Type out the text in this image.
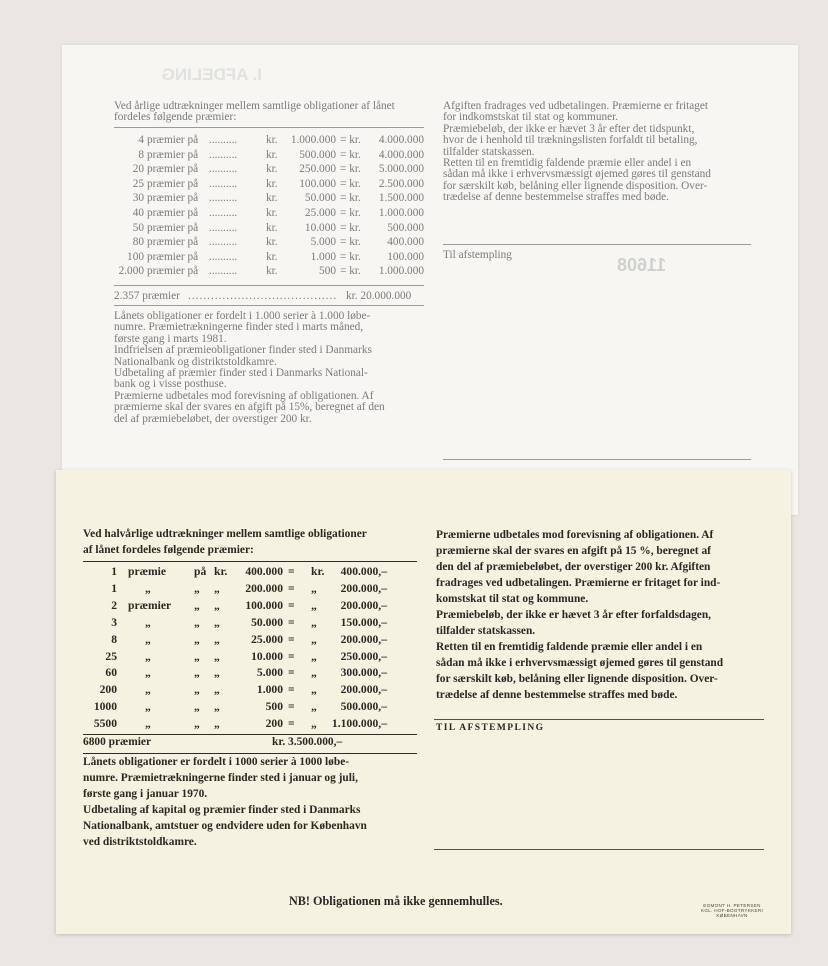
I. AFDELING
11608
Ved årlige udtrækninger mellem samtlige obligationer af lånet fordeles følgende præmier:
4 præmier på ..........	kr.	1.000.000 = kr.	4.000.000
8 præmier på ..........	kr.	500.000 = kr.	4.000.000
20 præmier på ..........	kr.	250.000 = kr.	5.000.000
25 præmier på ..........	kr.	100.000 = kr.	2.500.000
30 præmier på ..........	kr.	50.000 = kr.	1.500.000
40 præmier på ..........	kr.	25.000 = kr.	1.000.000
50 præmier på ..........	kr.	10.000 = kr.	500.000
80 præmier på ..........	kr.	5.000 = kr.	400.000
100 præmier på ..........	kr.	1.000 = kr.	100.000
2.000 præmier på ..........	kr.	500 = kr.	1.000.000
2.357 præmier ....................................... kr. 20.000.000
Lånets obligationer er fordelt i 1.000 serier à 1.000 løbe-
numre. Præmietrækningerne finder sted i marts måned,
første gang i marts 1981.
Indfrielsen af præmieobligationer finder sted i Danmarks
Nationalbank og distriktstoldkamre.
Udbetaling af præmier finder sted i Danmarks National-
bank og i visse posthuse.
Præmierne udbetales mod forevisning af obligationen. Af
præmierne skal der svares en afgift på 15%, beregnet af den
del af præmiebeløbet, der overstiger 200 kr.
Afgiften fradrages ved udbetalingen. Præmierne er fritaget
for indkomstskat til stat og kommuner.
Præmiebeløb, der ikke er hævet 3 år efter det tidspunkt,
hvor de i henhold til trækningslisten forfaldt til betaling,
tilfalder statskassen.
Retten til en fremtidig faldende præmie eller andel i en
sådan må ikke i erhvervsmæssigt øjemed gøres til genstand
for særskilt køb, belåning eller lignende disposition. Over-
trædelse af denne bestemmelse straffes med bøde.
Til afstempling
Ved halvårlige udtrækninger mellem samtlige obligationer
af lånet fordeles følgende præmier:
1 præmie på kr.	400.000 = kr.	400.000,–
1 „	„ „	200.000 = „	200.000,–
2 præmier „ „	100.000 = „	200.000,–
3 „	„ „	50.000 = „	150.000,–
8 „	„ „	25.000 = „	200.000,–
25 „	„ „	10.000 = „	250.000,–
60 „	„ „	5.000 = „	300.000,–
200 „	„ „	1.000 = „	200.000,–
1000 „	„ „	500 = „	500.000,–
5500 „	„ „	200 = „	1.100.000,–
6800 præmier	kr. 3.500.000,–
Lånets obligationer er fordelt i 1000 serier à 1000 løbe-
numre. Præmietrækningerne finder sted i januar og juli,
første gang i januar 1970.
Udbetaling af kapital og præmier finder sted i Danmarks
Nationalbank, amtstuer og endvidere uden for København
ved distriktstoldkamre.
Præmierne udbetales mod forevisning af obligationen. Af
præmierne skal der svares en afgift på 15 %, beregnet af
den del af præmiebeløbet, der overstiger 200 kr. Afgiften
fradrages ved udbetalingen. Præmierne er fritaget for ind-
komstskat til stat og kommune.
Præmiebeløb, der ikke er hævet 3 år efter forfaldsdagen,
tilfalder statskassen.
Retten til en fremtidig faldende præmie eller andel i en
sådan må ikke i erhvervsmæssigt øjemed gøres til genstand
for særskilt køb, belåning eller lignende disposition. Over-
trædelse af denne bestemmelse straffes med bøde.
TIL AFSTEMPLING
NB! Obligationen må ikke gennemhulles.	EGMONT H. PETERSEN
KGL. HOF-BOGTRYKKERI
KØBENHAVN
